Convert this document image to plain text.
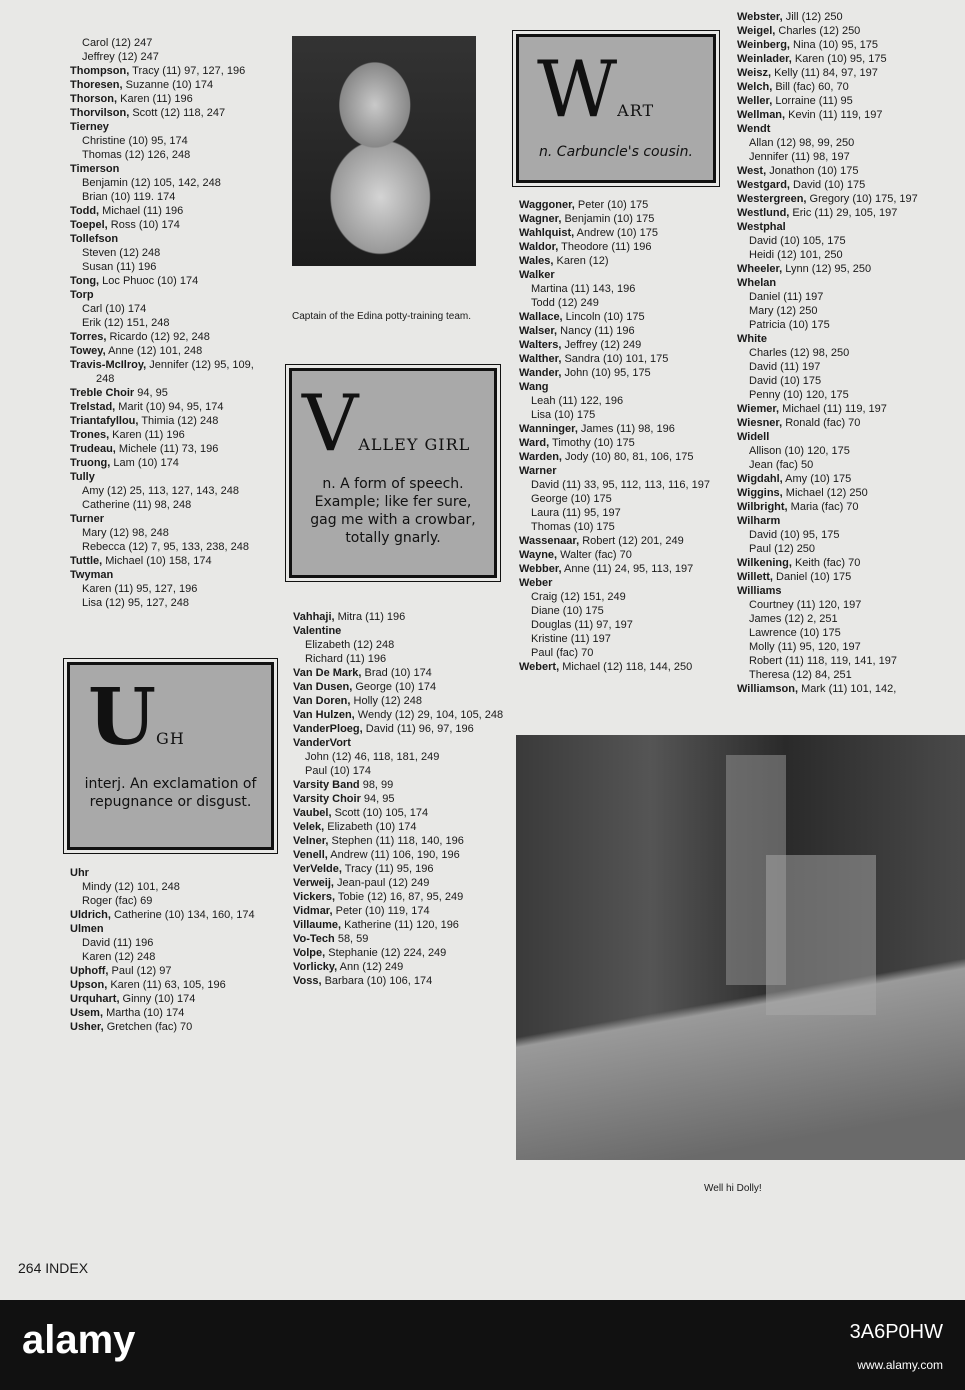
Carol (12) 247
Jeffrey (12) 247
Thompson, Tracy (11) 97, 127, 196
Thoresen, Suzanne (10) 174
Thorson, Karen (11) 196
Thorvilson, Scott (12) 118, 247
Tierney
Christine (10) 95, 174
Thomas (12) 126, 248
Timerson
Benjamin (12) 105, 142, 248
Brian (10) 119. 174
Todd, Michael (11) 196
Toepel, Ross (10) 174
Tollefson
Steven (12) 248
Susan (11) 196
Tong, Loc Phuoc (10) 174
Torp
Carl (10) 174
Erik (12) 151, 248
Torres, Ricardo (12) 92, 248
Towey, Anne (12) 101, 248
Travis-McIlroy, Jennifer (12) 95, 109, 248
Treble Choir 94, 95
Trelstad, Marit (10) 94, 95, 174
Triantafyllou, Thimia (12) 248
Trones, Karen (11) 196
Trudeau, Michele (11) 73, 196
Truong, Lam (10) 174
Tully
Amy (12) 25, 113, 127, 143, 248
Catherine (11) 98, 248
Turner
Mary (12) 98, 248
Rebecca (12) 7, 95, 133, 238, 248
Tuttle, Michael (10) 158, 174
Twyman
Karen (11) 95, 127, 196
Lisa (12) 95, 127, 248
Uhr
Mindy (12) 101, 248
Roger (fac) 69
Uldrich, Catherine (10) 134, 160, 174
Ulmen
David (11) 196
Karen (12) 248
Uphoff, Paul (12) 97
Upson, Karen (11) 63, 105, 196
Urquhart, Ginny (10) 174
Usem, Martha (10) 174
Usher, Gretchen (fac) 70
Vahhaji, Mitra (11) 196
Valentine
Elizabeth (12) 248
Richard (11) 196
Van De Mark, Brad (10) 174
Van Dusen, George (10) 174
Van Doren, Holly (12) 248
Van Hulzen, Wendy (12) 29, 104, 105, 248
VanderPloeg, David (11) 96, 97, 196
VanderVort
John (12) 46, 118, 181, 249
Paul (10) 174
Varsity Band 98, 99
Varsity Choir 94, 95
Vaubel, Scott (10) 105, 174
Velek, Elizabeth (10) 174
Velner, Stephen (11) 118, 140, 196
Venell, Andrew (11) 106, 190, 196
VerVelde, Tracy (11) 95, 196
Verweij, Jean-paul (12) 249
Vickers, Tobie (12) 16, 87, 95, 249
Vidmar, Peter (10) 119, 174
Villaume, Katherine (11) 120, 196
Vo-Tech 58, 59
Volpe, Stephanie (12) 224, 249
Vorlicky, Ann (12) 249
Voss, Barbara (10) 106, 174
Waggoner, Peter (10) 175
Wagner, Benjamin (10) 175
Wahlquist, Andrew (10) 175
Waldor, Theodore (11) 196
Wales, Karen (12)
Walker
Martina (11) 143, 196
Todd (12) 249
Wallace, Lincoln (10) 175
Walser, Nancy (11) 196
Walters, Jeffrey (12) 249
Walther, Sandra (10) 101, 175
Wander, John (10) 95, 175
Wang
Leah (11) 122, 196
Lisa (10) 175
Wanninger, James (11) 98, 196
Ward, Timothy (10) 175
Warden, Jody (10) 80, 81, 106, 175
Warner
David (11) 33, 95, 112, 113, 116, 197
George (10) 175
Laura (11) 95, 197
Thomas (10) 175
Wassenaar, Robert (12) 201, 249
Wayne, Walter (fac) 70
Webber, Anne (11) 24, 95, 113, 197
Weber
Craig (12) 151, 249
Diane (10) 175
Douglas (11) 97, 197
Kristine (11) 197
Paul (fac) 70
Webert, Michael (12) 118, 144, 250
Webster, Jill (12) 250
Weigel, Charles (12) 250
Weinberg, Nina (10) 95, 175
Weinlader, Karen (10) 95, 175
Weisz, Kelly (11) 84, 97, 197
Welch, Bill (fac) 60, 70
Weller, Lorraine (11) 95
Wellman, Kevin (11) 119, 197
Wendt
Allan (12) 98, 99, 250
Jennifer (11) 98, 197
West, Jonathon (10) 175
Westgard, David (10) 175
Westergreen, Gregory (10) 175, 197
Westlund, Eric (11) 29, 105, 197
Westphal
David (10) 105, 175
Heidi (12) 101, 250
Wheeler, Lynn (12) 95, 250
Whelan
Daniel (11) 197
Mary (12) 250
Patricia (10) 175
White
Charles (12) 98, 250
David (11) 197
David (10) 175
Penny (10) 120, 175
Wiemer, Michael (11) 119, 197
Wiesner, Ronald (fac) 70
Widell
Allison (10) 120, 175
Jean (fac) 50
Wigdahl, Amy (10) 175
Wiggins, Michael (12) 250
Wilbright, Maria (fac) 70
Wilharm
David (10) 95, 175
Paul (12) 250
Wilkening, Keith (fac) 70
Willett, Daniel (10) 175
Williams
Courtney (11) 120, 197
James (12) 2, 251
Lawrence (10) 175
Molly (11) 95, 120, 197
Robert (11) 118, 119, 141, 197
Theresa (12) 84, 251
Williamson, Mark (11) 101, 142,
Captain of the Edina potty-training team.
WART
n. Carbuncle's cousin.
VALLEY GIRL
n. A form of speech. Example; like fer sure, gag me with a crowbar, totally gnarly.
UGH
interj. An exclamation of repugnance or disgust.
Well hi Dolly!
264 INDEX
alamy	3A6P0HW
www.alamy.com
